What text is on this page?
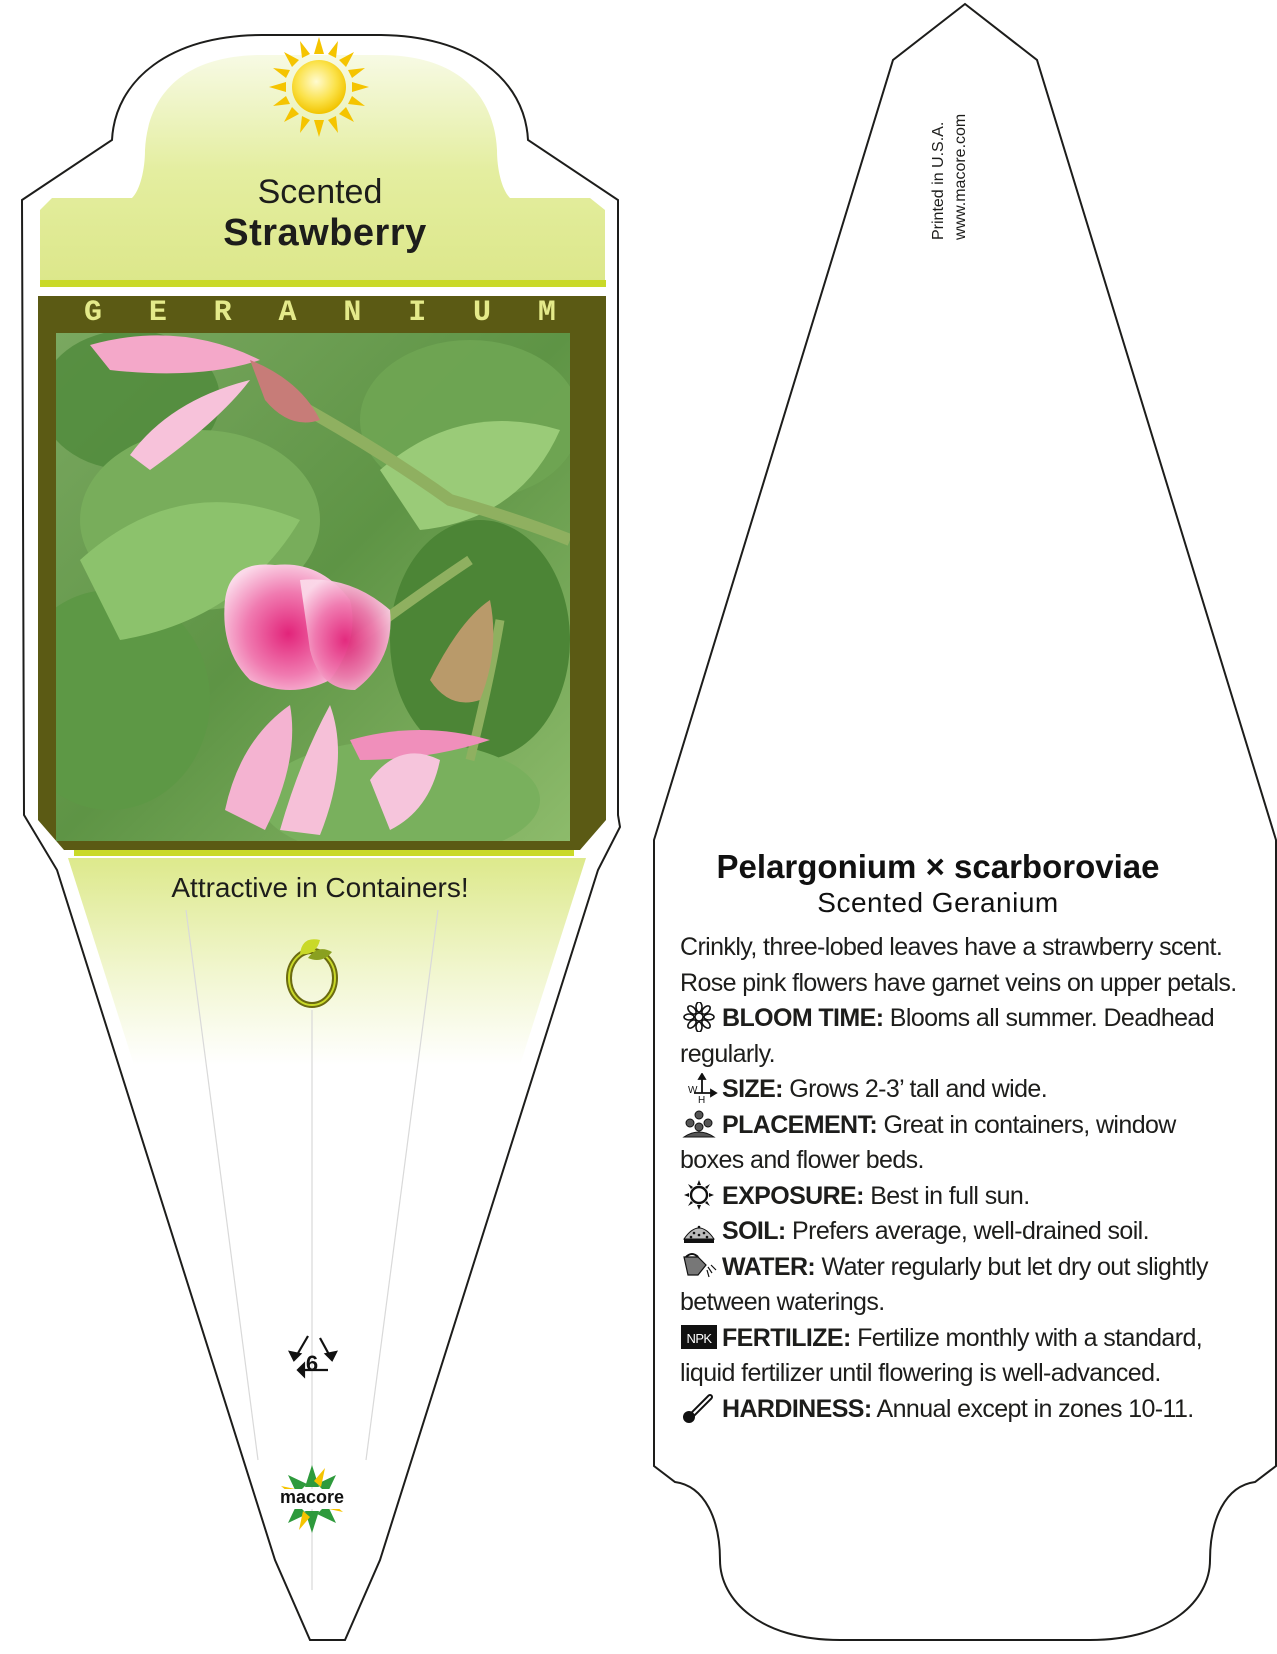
Scented
Strawberry
G E R A N I U M
Attractive in Containers!
6
macore
Printed in U.S.A. www.macore.com
Pelargonium × scarboroviae
Scented Geranium

Crinkly, three-lobed leaves have a strawberry scent. Rose pink flowers have garnet veins on upper petals.

BLOOM TIME: Blooms all summer. Deadhead regularly.

W
H SIZE: Grows 2-3’ tall and wide.

PLACEMENT: Great in containers, window boxes and flower beds.

EXPOSURE: Best in full sun.

SOIL: Prefers average, well-drained soil.

WATER: Water regularly but let dry out slightly between waterings.

NPK FERTILIZE: Fertilize monthly with a standard, liquid fertilizer until flowering is well-advanced.

HARDINESS: Annual except in zones 10-11.
